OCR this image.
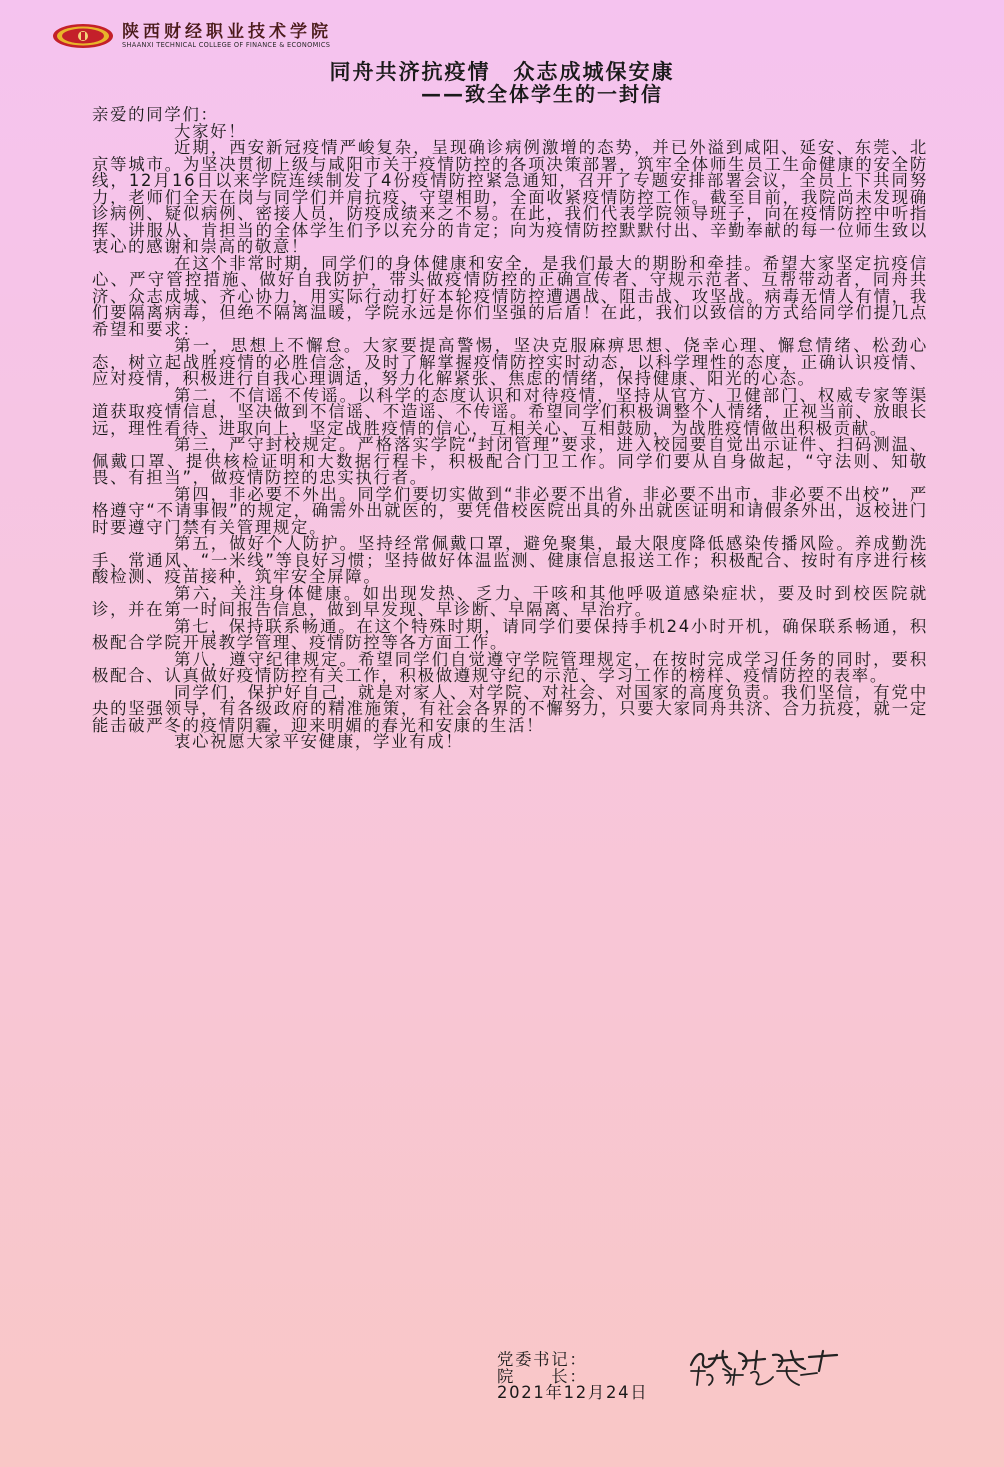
陕西财经职业技术学院
SHAANXI TECHNICAL COLLEGE OF FINANCE & ECONOMICS
同舟共济抗疫情　众志成城保安康
——致全体学生的一封信

亲爱的同学们：

大家好！

近期，西安新冠疫情严峻复杂，呈现确诊病例激增的态势，并已外溢到咸阳、延安、东莞、北京等城市。为坚决贯彻上级与咸阳市关于疫情防控的各项决策部署，筑牢全体师生员工生命健康的安全防线，12月16日以来学院连续制发了4份疫情防控紧急通知，召开了专题安排部署会议，全员上下共同努力，老师们全天在岗与同学们并肩抗疫、守望相助，全面收紧疫情防控工作。截至目前，我院尚未发现确诊病例、疑似病例、密接人员，防疫成绩来之不易。在此，我们代表学院领导班子，向在疫情防控中听指挥、讲服从、肯担当的全体学生们予以充分的肯定；向为疫情防控默默付出、辛勤奉献的每一位师生致以衷心的感谢和崇高的敬意！

在这个非常时期，同学们的身体健康和安全，是我们最大的期盼和牵挂。希望大家坚定抗疫信心、严守管控措施、做好自我防护，带头做疫情防控的正确宣传者、守规示范者、互帮带动者，同舟共济、众志成城、齐心协力，用实际行动打好本轮疫情防控遭遇战、阻击战、攻坚战。病毒无情人有情，我们要隔离病毒，但绝不隔离温暖，学院永远是你们坚强的后盾！在此，我们以致信的方式给同学们提几点希望和要求：

第一，思想上不懈怠。大家要提高警惕，坚决克服麻痹思想、侥幸心理、懈怠情绪、松劲心态，树立起战胜疫情的必胜信念，及时了解掌握疫情防控实时动态，以科学理性的态度，正确认识疫情、应对疫情，积极进行自我心理调适，努力化解紧张、焦虑的情绪，保持健康、阳光的心态。

第二，不信谣不传谣。以科学的态度认识和对待疫情，坚持从官方、卫健部门、权威专家等渠道获取疫情信息，坚决做到不信谣、不造谣、不传谣。希望同学们积极调整个人情绪，正视当前、放眼长远，理性看待、进取向上，坚定战胜疫情的信心，互相关心、互相鼓励，为战胜疫情做出积极贡献。

第三，严守封校规定。严格落实学院“封闭管理”要求，进入校园要自觉出示证件、扫码测温、佩戴口罩、提供核检证明和大数据行程卡，积极配合门卫工作。同学们要从自身做起，“守法则、知敬畏、有担当”，做疫情防控的忠实执行者。

第四，非必要不外出。同学们要切实做到“非必要不出省，非必要不出市，非必要不出校”，严格遵守“不请事假”的规定，确需外出就医的，要凭借校医院出具的外出就医证明和请假条外出，返校进门时要遵守门禁有关管理规定。

第五，做好个人防护。坚持经常佩戴口罩，避免聚集，最大限度降低感染传播风险。养成勤洗手、常通风、“一米线”等良好习惯；坚持做好体温监测、健康信息报送工作；积极配合、按时有序进行核酸检测、疫苗接种，筑牢安全屏障。

第六，关注身体健康。如出现发热、乏力、干咳和其他呼吸道感染症状，要及时到校医院就诊，并在第一时间报告信息，做到早发现、早诊断、早隔离、早治疗。

第七，保持联系畅通。在这个特殊时期，请同学们要保持手机24小时开机，确保联系畅通，积极配合学院开展教学管理、疫情防控等各方面工作。

第八，遵守纪律规定。希望同学们自觉遵守学院管理规定，在按时完成学习任务的同时，要积极配合、认真做好疫情防控有关工作，积极做遵规守纪的示范、学习工作的榜样、疫情防控的表率。

同学们，保护好自己，就是对家人、对学院、对社会、对国家的高度负责。我们坚信，有党中央的坚强领导，有各级政府的精准施策，有社会各界的不懈努力，只要大家同舟共济、合力抗疫，就一定能击破严冬的疫情阴霾，迎来明媚的春光和安康的生活！

衷心祝愿大家平安健康，学业有成！

党委书记：
院　　长：
2021年12月24日
